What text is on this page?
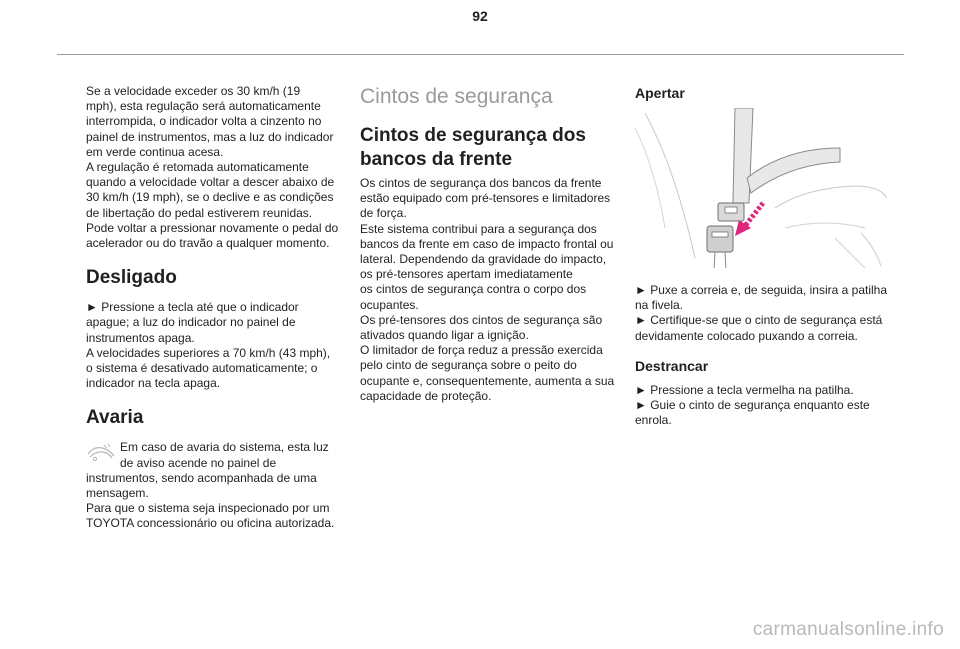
92

Se a velocidade exceder os 30 km/h (19
mph), esta regulação será automaticamente
interrompida, o indicador volta a cinzento no
painel de instrumentos, mas a luz do indicador
em verde continua acesa.
A regulação é retomada automaticamente
quando a velocidade voltar a descer abaixo de
30 km/h (19 mph), se o declive e as condições
de libertação do pedal estiverem reunidas.
Pode voltar a pressionar novamente o pedal do
acelerador ou do travão a qualquer momento.

Desligado

► Pressione a tecla até que o indicador
apague; a luz do indicador no painel de
instrumentos apaga.
A velocidades superiores a 70 km/h (43 mph),
o sistema é desativado automaticamente; o
indicador na tecla apaga.

Avaria

Em caso de avaria do sistema, esta luz
de aviso acende no painel de
instrumentos, sendo acompanhada de uma
mensagem.
Para que o sistema seja inspecionado por um
TOYOTA concessionário ou oficina autorizada.

Cintos de segurança
Cintos de segurança dos
bancos da frente

Os cintos de segurança dos bancos da frente
estão equipado com pré-tensores e limitadores
de força.
Este sistema contribui para a segurança dos
bancos da frente em caso de impacto frontal ou
lateral. Dependendo da gravidade do impacto,
os pré-tensores apertam imediatamente
os cintos de segurança contra o corpo dos
ocupantes.
Os pré-tensores dos cintos de segurança são
ativados quando ligar a ignição.
O limitador de força reduz a pressão exercida
pelo cinto de segurança sobre o peito do
ocupante e, consequentemente, aumenta a sua
capacidade de proteção.

Apertar

► Puxe a correia e, de seguida, insira a patilha
na fivela.
► Certifique-se que o cinto de segurança está
devidamente colocado puxando a correia.

Destrancar

► Pressione a tecla vermelha na patilha.
► Guie o cinto de segurança enquanto este
enrola.

carmanualsonline.info
